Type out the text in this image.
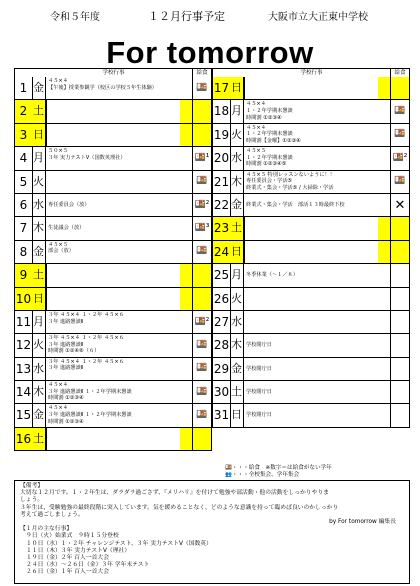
令和５年度	１２月行事予定	大阪市立大正東中学校
For tomorrow
学校行事	給食
1 金 ４５×４
【午後】授業参観学（校区の学校５年生体験）	🍱
2 土
3 日
4 月 ５０×５
３年 実力テストⅤ（国数英理社）	🍱¹
5 火	🍱
6 水 専任委員会（放）	🍱²
7 木 生徒議会（放）	🍱³
8 金 ４５×５
部会（放）	🍱
9 土
10 日
11 月 ３年 ４５×４ １・２年 ４５×６
３年 進路懇談Ⅱ	🍱²
12 火 ３年 ４５×４ １・２年 ４５×６
３年 進路懇談Ⅱ
時間割 ①②④⑥（６）
🍱
13 水 ３年 ４５×４ １・２年 ４５×６
３年 進路懇談Ⅱ	🍱
14 木 ４５×４
３年 進路懇談Ⅱ １・２年学期末懇談
時間割 ①②③④
🍱
15 金 ４５×４
３年 進路懇談Ⅱ １・２年学期末懇談
時間割 ①②③④
🍱
16 土
学校行事	給食
17 日
18 月 ４５×４
１・２年学期末懇談
時間割 ①②③④
🍱
19 火 ４５×４
１・２年学期末懇談
時間割【金曜】①②③④
🍱
20 水 ４５×５
１・２年学期末懇談
時間割 ①②③④⑤
🍱²
21 木 ４５×５ 特別レッスンないように！！
専任委員会・学活⑤
終業式・集会・学活⑤ / 大掃除・学活
🍱
22 金 終業式・集会・学活　部活１３時最終下校	✕
23 土
24 日
25 月 冬季休業（～１／８）
26 火
27 水
28 木 学校閉庁日
29 金 学校閉庁日
30 土 学校閉庁日
31 日 学校閉庁日
🍱・・・給食　※数字＝は給食がない学年
👥・・・全校集会、学年集会
【備考】
大切な１２月です。１・２年生は、ダラダラ過ごさず、『メリハリ』を付けて勉強や部活動・他の活動をしっかりやりま
しょう。
３年生は、受験勉強の最終段階に突入しています。気を緩めることなく、どのような意識を持って臨めば良いのかしっかり
考えて過ごしましょう。
by For tomorrow 編集長
【１月の主な行事】
９日（火）始業式　９時１５分登校
１０日（水）１・２年 チャレンジテスト、３年 実力テストⅤ（国数英）
１１日（木）３年 実力テストⅤ（理社）
１９日（金）２年 百人一首大会
２４日（水）～２６日（金）３年 学年末テスト
２６日（金）１年 百人一首大会
